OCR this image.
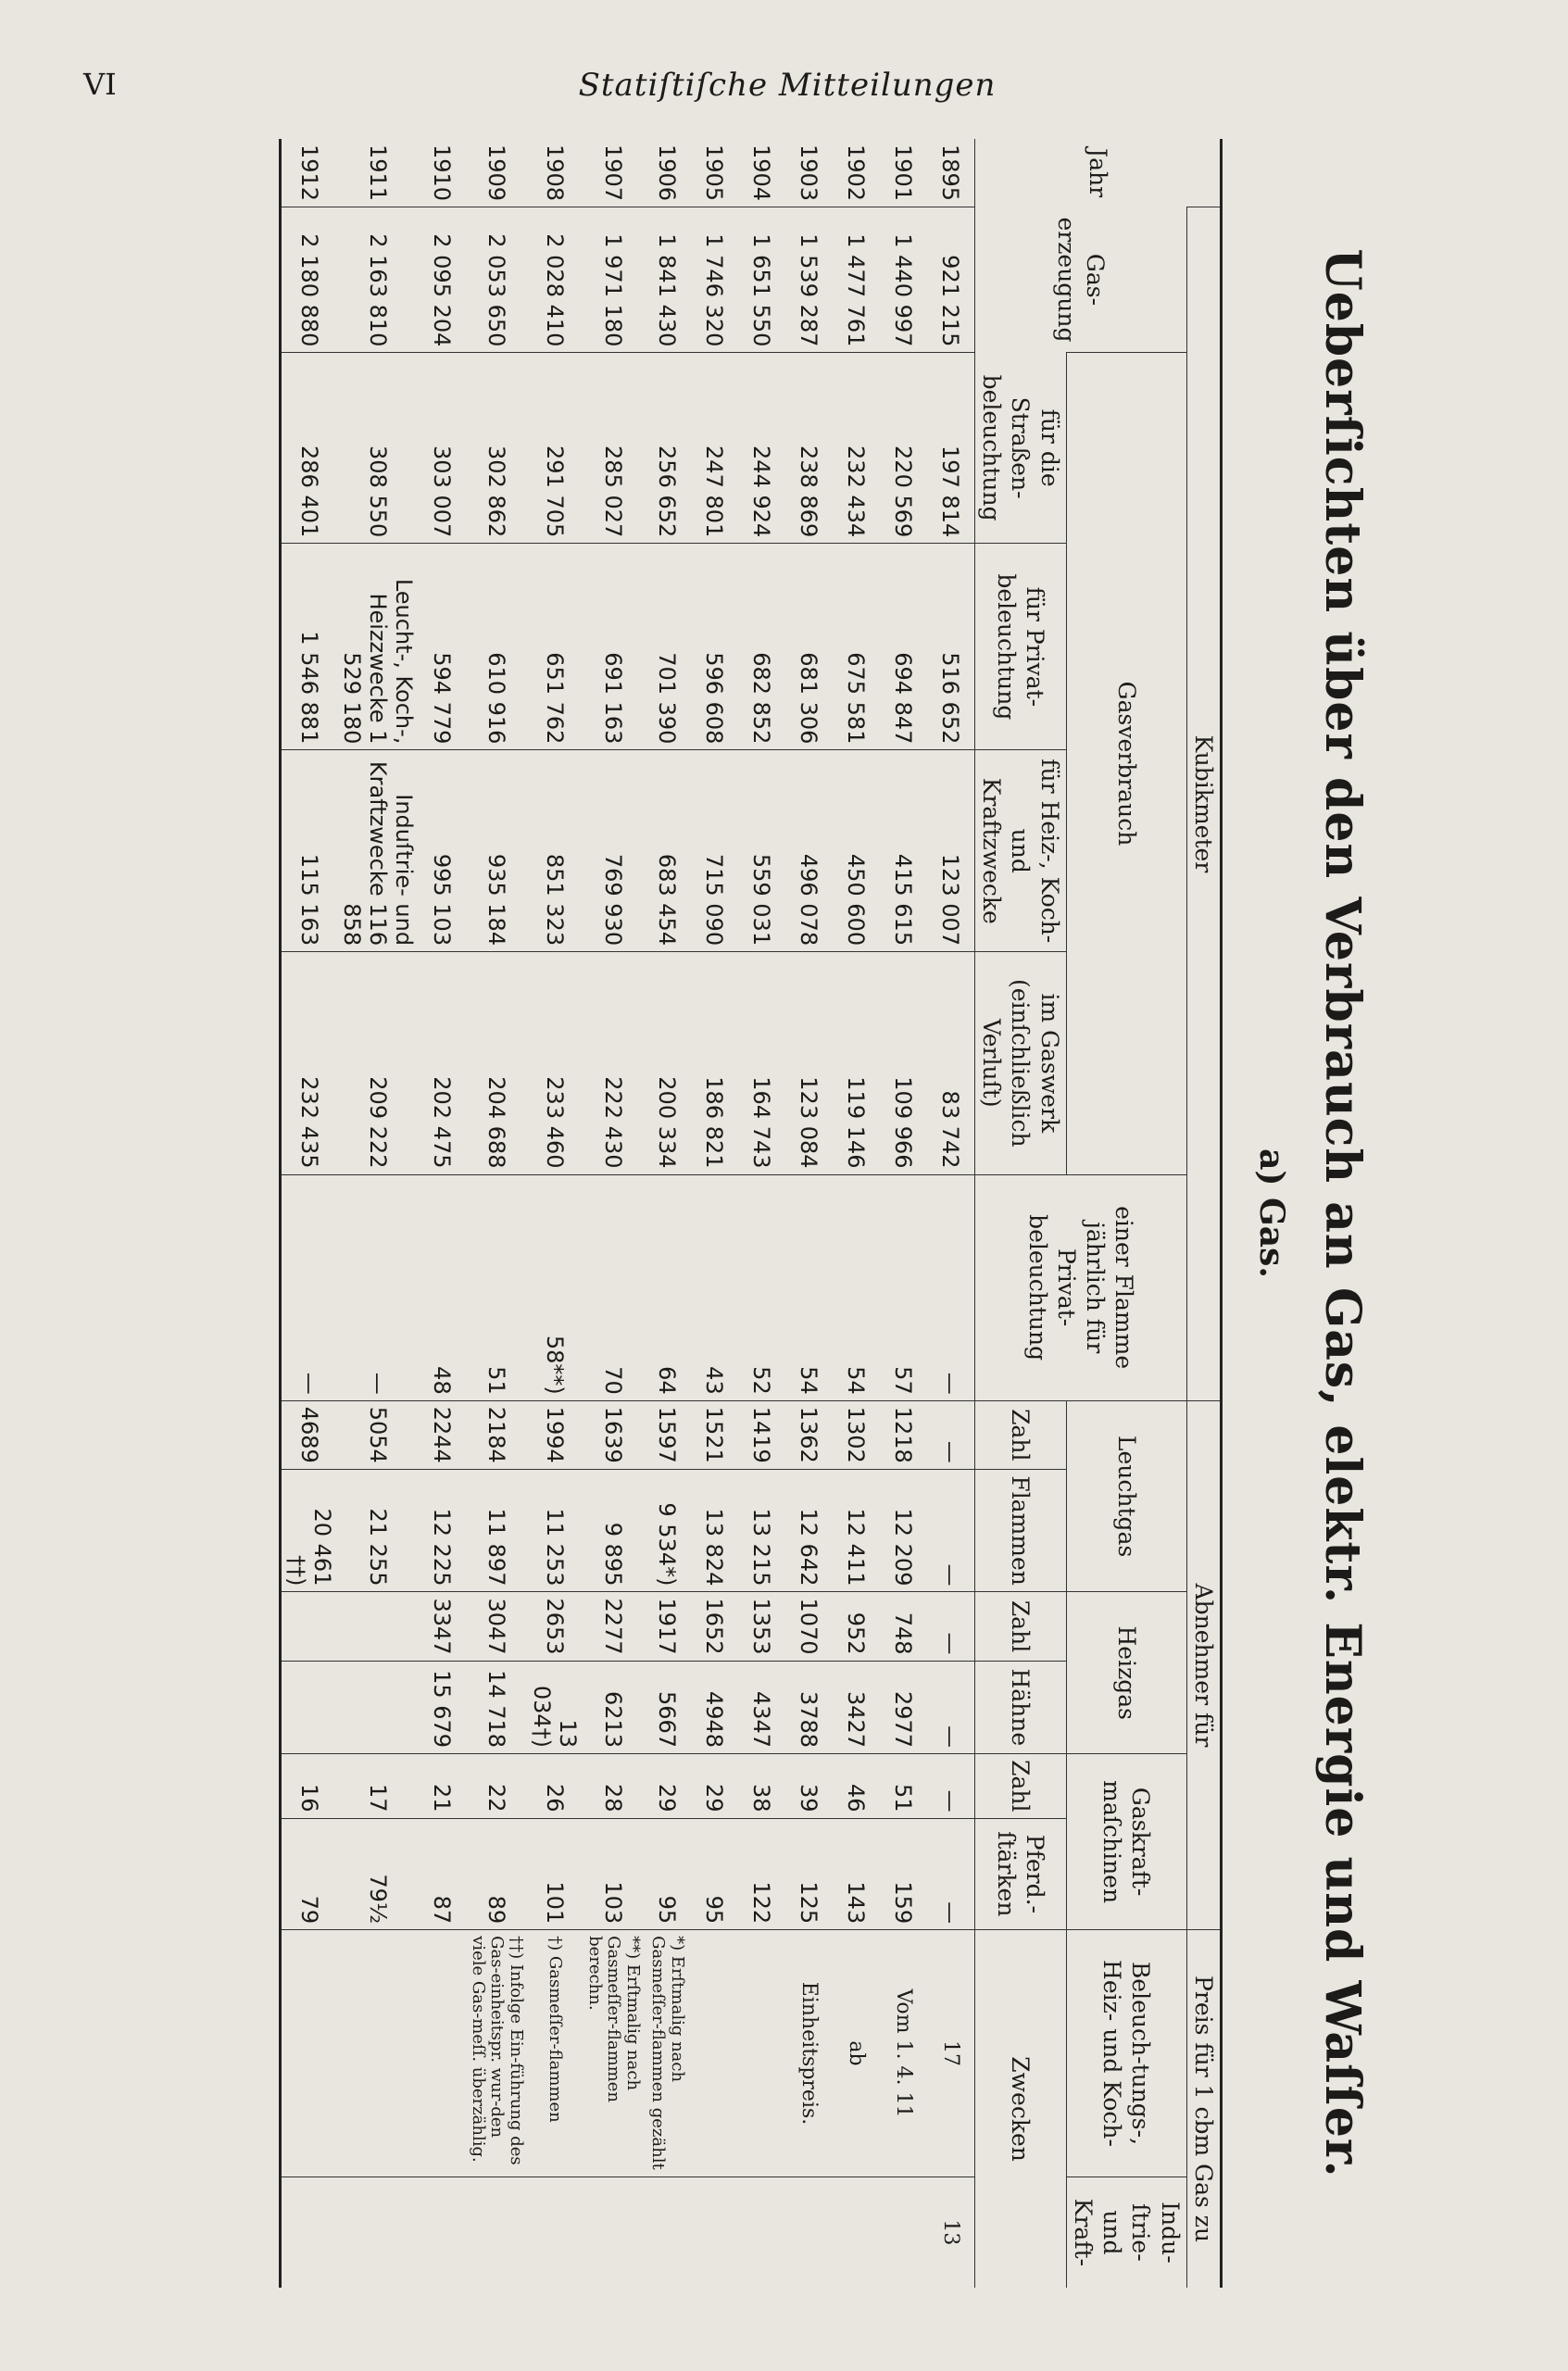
VI	Statiſtiſche Mitteilungen
Ueberſichten über den Verbrauch an Gas, elektr. Energie und Waſſer.
a) Gas.
Jahr	Kubikmeter						Abnehmer für						Preis für 1 cbm Gas zu	
	Gas-erzeugung	Gasverbrauch				einer Flamme jährlich für Privat-beleuchtung	Leuchtgas		Heizgas		Gaskraft-maſchinen		Beleuch-tungs-, Heiz- und Koch-	Indu-ſtrie- und Kraft-
		für die Straßen-beleuchtung	für Privat-beleuchtung	für Heiz-, Koch- und Kraftzwecke	im Gaswerk (einſchließlich Verluſt)		Zahl	Flammen	Zahl	Hähne	Zahl	Pferd.-ſtärken	Zwecken	
1895	921 215	197 814	516 652	123 007	83 742	—	—	—	—	—	—	—	17	13
1901	1 440 997	220 569	694 847	415 615	109 966	57	1218	12 209	748	2977	51	159	Vom 1. 4. 11	
1902	1 477 761	232 434	675 581	450 600	119 146	54	1302	12 411	952	3427	46	143	ab	
1903	1 539 287	238 869	681 306	496 078	123 084	54	1362	12 642	1070	3788	39	125	Einheitspreis.	
1904	1 651 550	244 924	682 852	559 031	164 743	52	1419	13 215	1353	4347	38	122		
1905	1 746 320	247 801	596 608	715 090	186 821	43	1521	13 824	1652	4948	29	95		
1906	1 841 430	256 652	701 390	683 454	200 334	64	1597	9 534*)	1917	5667	29	95	*) Erſtmalig nach Gasmeſſer-flammen gezählt	
1907	1 971 180	285 027	691 163	769 930	222 430	70	1639	9 895	2277	6213	28	103	**) Erſtmalig nach Gasmeſſer-flammen berechn.	
1908	2 028 410	291 705	651 762	851 323	233 460	58**)	1994	11 253	2653	13 034†)	26	101	†) Gasmeſſer-flammen	
1909	2 053 650	302 862	610 916	935 184	204 688	51	2184	11 897	3047	14 718	22	89	††) Infolge Ein-führung des Gas-einheitspr. wur-den viele Gas-meſſ. überzählig.	
1910	2 095 204	303 007	594 779	995 103	202 475	48	2244	12 225	3347	15 679	21	87		
1911	2 163 810	308 550	Leucht-, Koch-, Heizzwecke 1 529 180	Induſtrie- und Kraftzwecke 116 858	209 222	—	5054	21 255			17	79½		
1912	2 180 880	286 401	1 546 881	115 163	232 435	—	4689	20 461 ††)			16	79		
